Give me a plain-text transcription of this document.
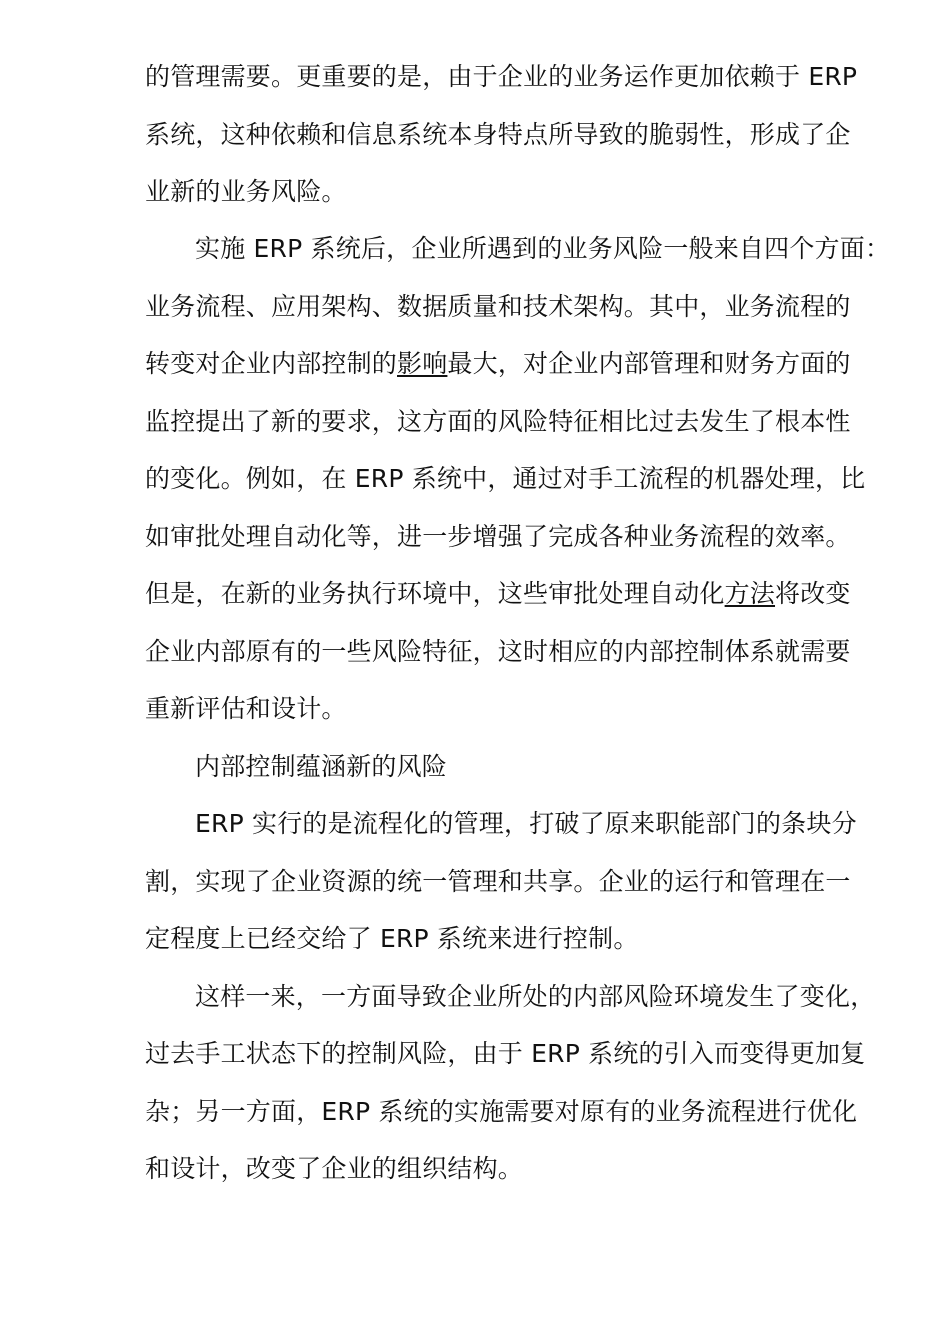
的管理需要。更重要的是，由于企业的业务运作更加依赖于 ERP
系统，这种依赖和信息系统本身特点所导致的脆弱性，形成了企
业新的业务风险。
实施 ERP 系统后，企业所遇到的业务风险一般来自四个方面：
业务流程、应用架构、数据质量和技术架构。其中，业务流程的
转变对企业内部控制的影响最大，对企业内部管理和财务方面的
监控提出了新的要求，这方面的风险特征相比过去发生了根本性
的变化。例如，在 ERP 系统中，通过对手工流程的机器处理，比
如审批处理自动化等，进一步增强了完成各种业务流程的效率。
但是，在新的业务执行环境中，这些审批处理自动化方法将改变
企业内部原有的一些风险特征，这时相应的内部控制体系就需要
重新评估和设计。
内部控制蕴涵新的风险
ERP 实行的是流程化的管理，打破了原来职能部门的条块分
割，实现了企业资源的统一管理和共享。企业的运行和管理在一
定程度上已经交给了 ERP 系统来进行控制。
这样一来，一方面导致企业所处的内部风险环境发生了变化，
过去手工状态下的控制风险，由于 ERP 系统的引入而变得更加复
杂；另一方面，ERP 系统的实施需要对原有的业务流程进行优化
和设计，改变了企业的组织结构。
